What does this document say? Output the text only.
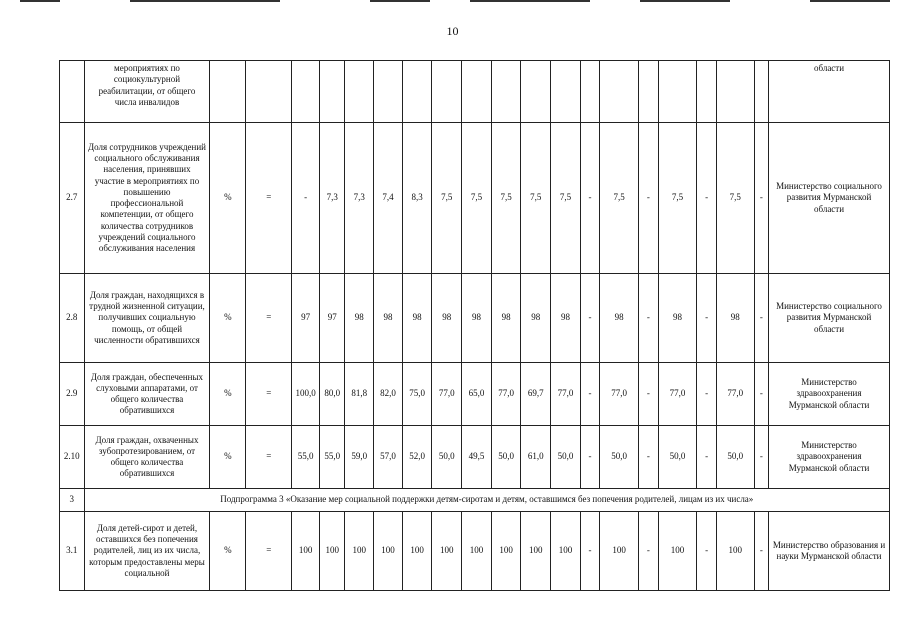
10
	мероприятиях по социокультурной реабилитации, от общего числа инвалидов																				области
2.7	Доля сотрудников учреждений социального обслуживания населения, принявших участие в мероприятиях по повышению профессиональной компетенции, от общего количества сотрудников учреждений социального обслуживания населения	%	=	-	7,3	7,3	7,4	8,3	7,5	7,5	7,5	7,5	7,5	-	7,5	-	7,5	-	7,5	-	Министерство социального развития Мурманской области
2.8	Доля граждан, находящихся в трудной жизненной ситуации, получивших социальную помощь, от общей численности обратившихся	%	=	97	97	98	98	98	98	98	98	98	98	-	98	-	98	-	98	-	Министерство социального развития Мурманской области
2.9	Доля граждан, обеспеченных слуховыми аппаратами, от общего количества обратившихся	%	=	100,0	80,0	81,8	82,0	75,0	77,0	65,0	77,0	69,7	77,0	-	77,0	-	77,0	-	77,0	-	Министерство здравоохранения Мурманской области
2.10	Доля граждан, охваченных зубопротезированием, от общего количества обратившихся	%	=	55,0	55,0	59,0	57,0	52,0	50,0	49,5	50,0	61,0	50,0	-	50,0	-	50,0	-	50,0	-	Министерство здравоохранения Мурманской области
3	Подпрограмма 3 «Оказание мер социальной поддержки детям-сиротам и детям, оставшимся без попечения родителей, лицам из их числа»																				
3.1	Доля детей-сирот и детей, оставшихся без попечения родителей, лиц из их числа, которым предоставлены меры социальной	%	=	100	100	100	100	100	100	100	100	100	100	-	100	-	100	-	100	-	Министерство образования и науки Мурманской области
